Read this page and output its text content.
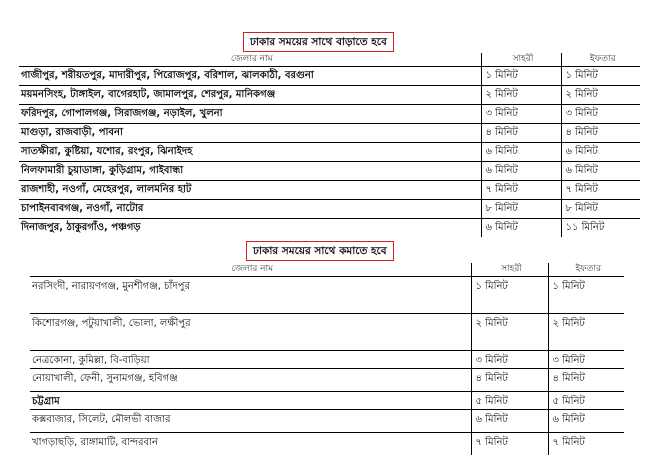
ঢাকার সময়ের সাথে বাড়াতে হবে
জেলার নাম	সাহরী	ইফতার
গাজীপুর, শরীয়তপুর, মাদারীপুর, পিরোজপুর, বরিশাল, ঝালকাঠী, বরগুনা	১ মিনিট	১ মিনিট
ময়মনসিংহ, টাঙ্গাইল, বাগেরহাট, জামালপুর, শেরপুর, মানিকগঞ্জ	২ মিনিট	২ মিনিট
ফরিদপুর, গোপালগঞ্জ, সিরাজগঞ্জ, নড়াইল, খুলনা	৩ মিনিট	৩ মিনিট
মাগুড়া, রাজবাড়ী, পাবনা	৪ মিনিট	৪ মিনিট
সাতক্ষীরা, কুষ্টিয়া, যশোর, রংপুর, ঝিনাইদহ	৬ মিনিট	৬ মিনিট
নিলফামারী চুয়াডাঙ্গা, কুড়িগ্রাম, গাইবান্ধা	৬ মিনিট	৬ মিনিট
রাজশাহী, নওগাঁ, মেহেরপুর, লালমনির হাট	৭ মিনিট	৭ মিনিট
চাপাইনবাবগঞ্জ, নওগাঁ, নাটোর	৮ মিনিট	৮ মিনিট
দিনাজপুর, ঠাকুরগাঁও, পঞ্চগড়	৬ মিনিট	১১ মিনিট
ঢাকার সময়ের সাথে কমাতে হবে
জেলার নাম	সাহরী	ইফতার
নরসিংদী, নারায়ণগঞ্জ, মুনশীগঞ্জ, চাঁদপুর	১ মিনিট	১ মিনিট
কিশোরগঞ্জ, পটুয়াখালী, ভোলা, লক্ষীপুর	২ মিনিট	২ মিনিট
নেত্রকোনা, কুমিল্লা, বি-বাড়িয়া	৩ মিনিট	৩ মিনিট
নোয়াখালী, ফেনী, সুনামগঞ্জ, হবিগঞ্জ	৪ মিনিট	৪ মিনিট
চট্টগ্রাম	৫ মিনিট	৫ মিনিট
কক্সবাজার, সিলেট, মৌলভী বাজার	৬ মিনিট	৬ মিনিট
খাগড়াছড়ি, রাঙ্গামাটি, বান্দরবান	৭ মিনিট	৭ মিনিট
